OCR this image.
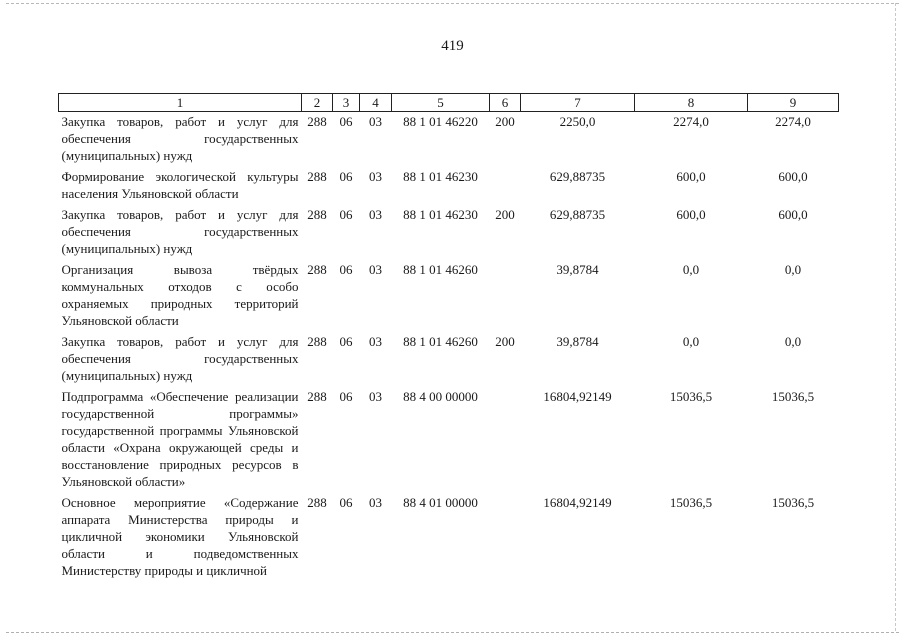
419
1	2	3	4	5	6	7	8	9
Закупка товаров, работ и услуг для обеспечения государственных (муниципальных) нужд	288	06	03	88 1 01 46220	200	2250,0	2274,0	2274,0
Формирование экологической культуры населения Ульяновской области	288	06	03	88 1 01 46230		629,88735	600,0	600,0
Закупка товаров, работ и услуг для обеспечения государственных (муниципальных) нужд	288	06	03	88 1 01 46230	200	629,88735	600,0	600,0
Организация вывоза твёрдых коммунальных отходов с особо охраняемых природных территорий Ульяновской области	288	06	03	88 1 01 46260		39,8784	0,0	0,0
Закупка товаров, работ и услуг для обеспечения государственных (муниципальных) нужд	288	06	03	88 1 01 46260	200	39,8784	0,0	0,0
Подпрограмма «Обеспечение реализации государственной программы» государственной программы Ульяновской области «Охрана окружающей среды и восстановление природных ресурсов в Ульяновской области»	288	06	03	88 4 00 00000		16804,92149	15036,5	15036,5
Основное мероприятие «Содержание аппарата Министерства природы и цикличной экономики Ульяновской области и подведомственных Министерству природы и цикличной	288	06	03	88 4 01 00000		16804,92149	15036,5	15036,5
